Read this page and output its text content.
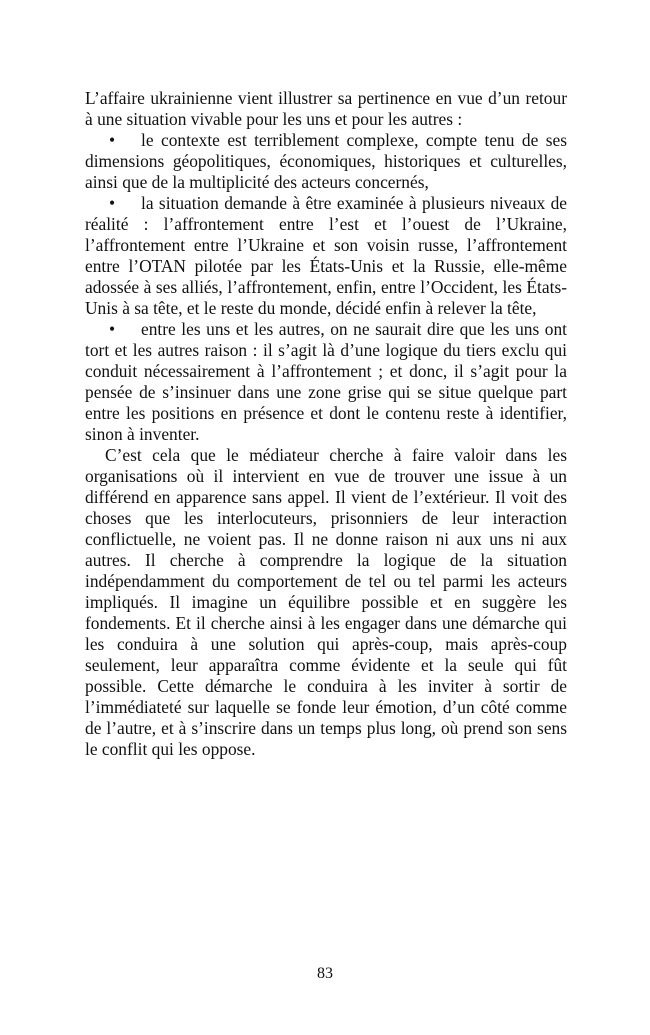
L’affaire ukrainienne vient illustrer sa pertinence en vue d’un retour à une situation vivable pour les uns et pour les autres :

• le contexte est terriblement complexe, compte tenu de ses dimensions géopolitiques, économiques, historiques et culturelles, ainsi que de la multiplicité des acteurs concernés,

• la situation demande à être examinée à plusieurs niveaux de réalité : l’affrontement entre l’est et l’ouest de l’Ukraine, l’affrontement entre l’Ukraine et son voisin russe, l’affrontement entre l’OTAN pilotée par les États-Unis et la Russie, elle-même adossée à ses alliés, l’affrontement, enfin, entre l’Occident, les États-Unis à sa tête, et le reste du monde, décidé enfin à relever la tête,

• entre les uns et les autres, on ne saurait dire que les uns ont tort et les autres raison : il s’agit là d’une logique du tiers exclu qui conduit nécessairement à l’affrontement ; et donc, il s’agit pour la pensée de s’insinuer dans une zone grise qui se situe quelque part entre les positions en présence et dont le contenu reste à identifier, sinon à inventer.

C’est cela que le médiateur cherche à faire valoir dans les organisations où il intervient en vue de trouver une issue à un différend en apparence sans appel. Il vient de l’extérieur. Il voit des choses que les interlocuteurs, prisonniers de leur interaction conflictuelle, ne voient pas. Il ne donne raison ni aux uns ni aux autres. Il cherche à comprendre la logique de la situation indépendamment du comportement de tel ou tel parmi les acteurs impliqués. Il imagine un équilibre possible et en suggère les fondements. Et il cherche ainsi à les engager dans une démarche qui les conduira à une solution qui après-coup, mais après-coup seulement, leur apparaîtra comme évidente et la seule qui fût possible. Cette démarche le conduira à les inviter à sortir de l’immédiateté sur laquelle se fonde leur émotion, d’un côté comme de l’autre, et à s’inscrire dans un temps plus long, où prend son sens le conflit qui les oppose.

83
